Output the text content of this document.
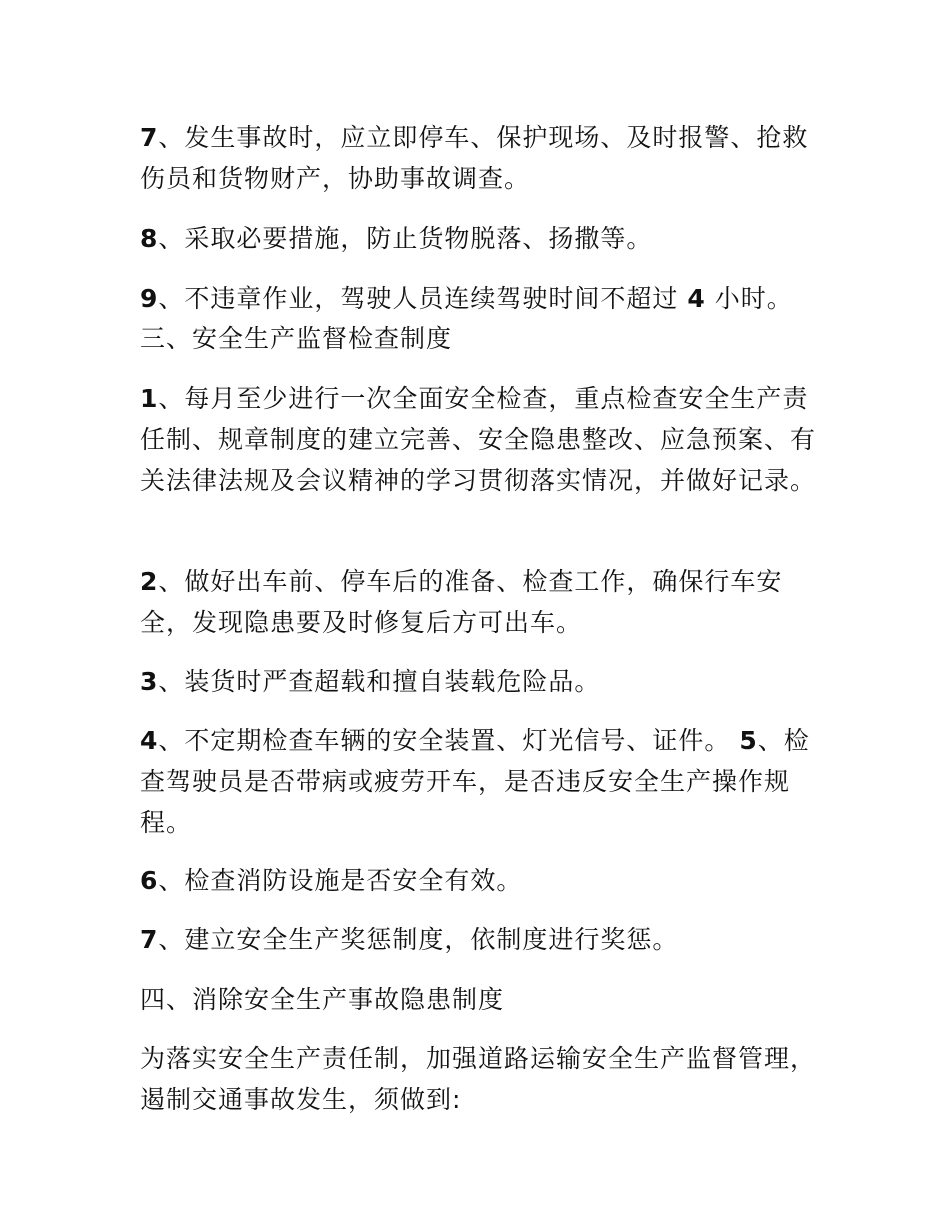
7、发生事故时，应立即停车、保护现场、及时报警、抢救伤员和货物财产，协助事故调查。

8、采取必要措施，防止货物脱落、扬撒等。

9、不违章作业，驾驶人员连续驾驶时间不超过 4 小时。

三、安全生产监督检查制度

1、每月至少进行一次全面安全检查，重点检查安全生产责任制、规章制度的建立完善、安全隐患整改、应急预案、有关法律法规及会议精神的学习贯彻落实情况，并做好记录。

2、做好出车前、停车后的准备、检查工作，确保行车安全，发现隐患要及时修复后方可出车。

3、装货时严查超载和擅自装载危险品。

4、不定期检查车辆的安全装置、灯光信号、证件。 5、检查驾驶员是否带病或疲劳开车，是否违反安全生产操作规程。

6、检查消防设施是否安全有效。

7、建立安全生产奖惩制度，依制度进行奖惩。

四、消除安全生产事故隐患制度

为落实安全生产责任制，加强道路运输安全生产监督管理，遏制交通事故发生，须做到:
